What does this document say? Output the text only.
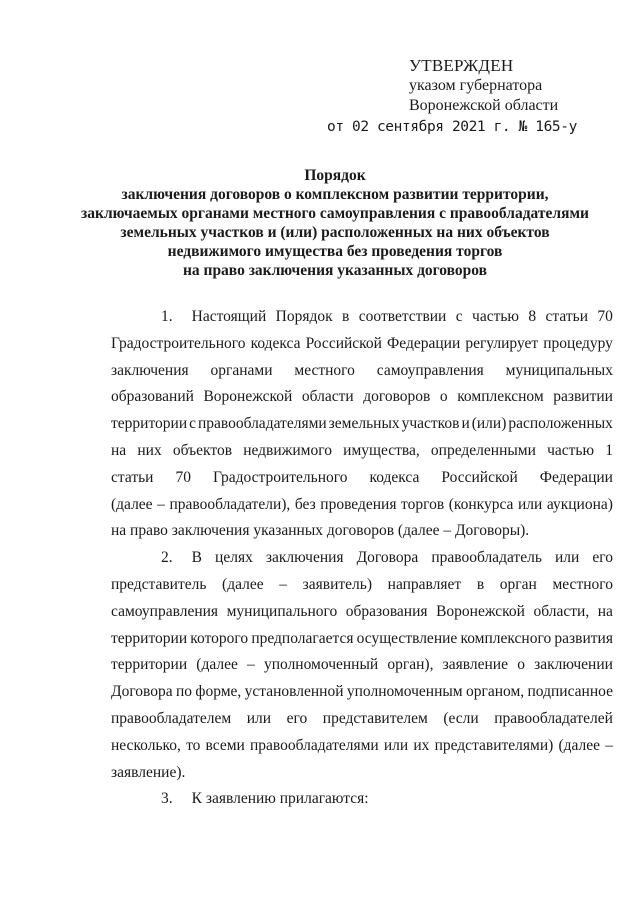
УТВЕРЖДЕН
указом губернатора
Воронежской области
от 02 сентября 2021 г. № 165-у
Порядок
заключения договоров о комплексном развитии территории,
заключаемых органами местного самоуправления с правообладателями
земельных участков и (или) расположенных на них объектов
недвижимого имущества без проведения торгов
на право заключения указанных договоров
1. Настоящий Порядок в соответствии с частью 8 статьи 70
Градостроительного кодекса Российской Федерации регулирует процедуру
заключения органами местного самоуправления муниципальных
образований Воронежской области договоров о комплексном развитии
территории с правообладателями земельных участков и (или) расположенных
на них объектов недвижимого имущества, определенными частью 1
статьи 70 Градостроительного кодекса Российской Федерации
(далее – правообладатели), без проведения торгов (конкурса или аукциона)
на право заключения указанных договоров (далее – Договоры).
2. В целях заключения Договора правообладатель или его
представитель (далее – заявитель) направляет в орган местного
самоуправления муниципального образования Воронежской области, на
территории которого предполагается осуществление комплексного развития
территории (далее – уполномоченный орган), заявление о заключении
Договора по форме, установленной уполномоченным органом, подписанное
правообладателем или его представителем (если правообладателей
несколько, то всеми правообладателями или их представителями) (далее –
заявление).
3. К заявлению прилагаются:
